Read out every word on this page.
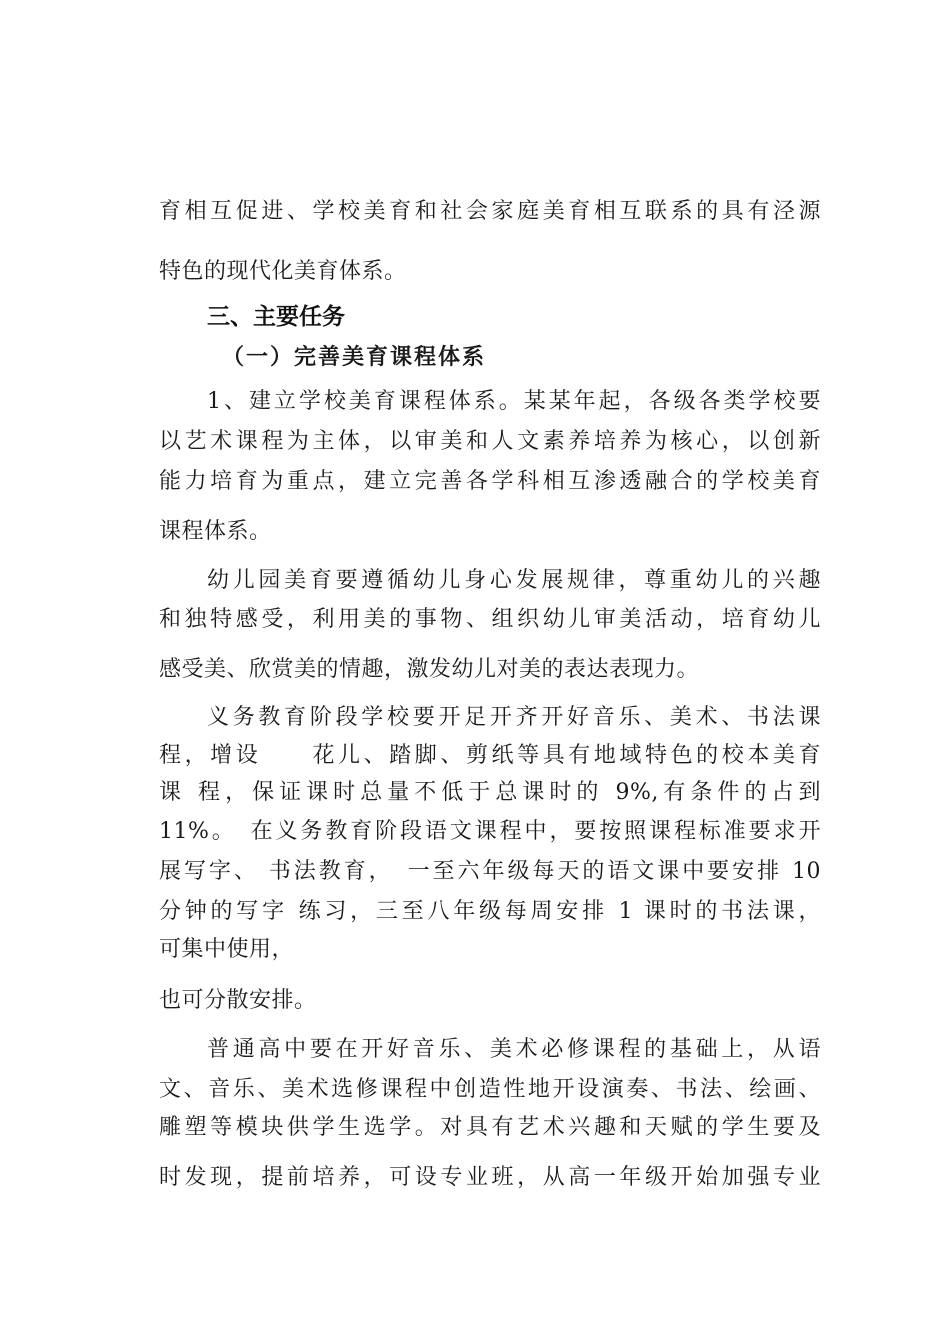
育相互促进、学校美育和社会家庭美育相互联系的具有泾源

特色的现代化美育体系。

三、主要任务
（一）完善美育课程体系

1、建立学校美育课程体系。某某年起，各级各类学校要

以艺术课程为主体，以审美和人文素养培养为核心，以创新

能力培育为重点，建立完善各学科相互渗透融合的学校美育

课程体系。

幼儿园美育要遵循幼儿身心发展规律，尊重幼儿的兴趣

和独特感受，利用美的事物、组织幼儿审美活动，培育幼儿

感受美、欣赏美的情趣，激发幼儿对美的表达表现力。

义务教育阶段学校要开足开齐开好音乐、美术、书法课

程，增设　　花儿、踏脚、剪纸等具有地域特色的校本美育

课 程，保证课时总量不低于总课时的 9%,有条件的占到

11%。　在义务教育阶段语文课程中，要按照课程标准要求开

展写字、 书法教育，　一至六年级每天的语文课中要安排 10

分钟的写字 练习，三至八年级每周安排 1 课时的书法课，

可集中使用，

也可分散安排。

普通高中要在开好音乐、美术必修课程的基础上，从语

文、音乐、美术选修课程中创造性地开设演奏、书法、绘画、

雕塑等模块供学生选学。对具有艺术兴趣和天赋的学生要及

时发现，提前培养，可设专业班，从高一年级开始加强专业
